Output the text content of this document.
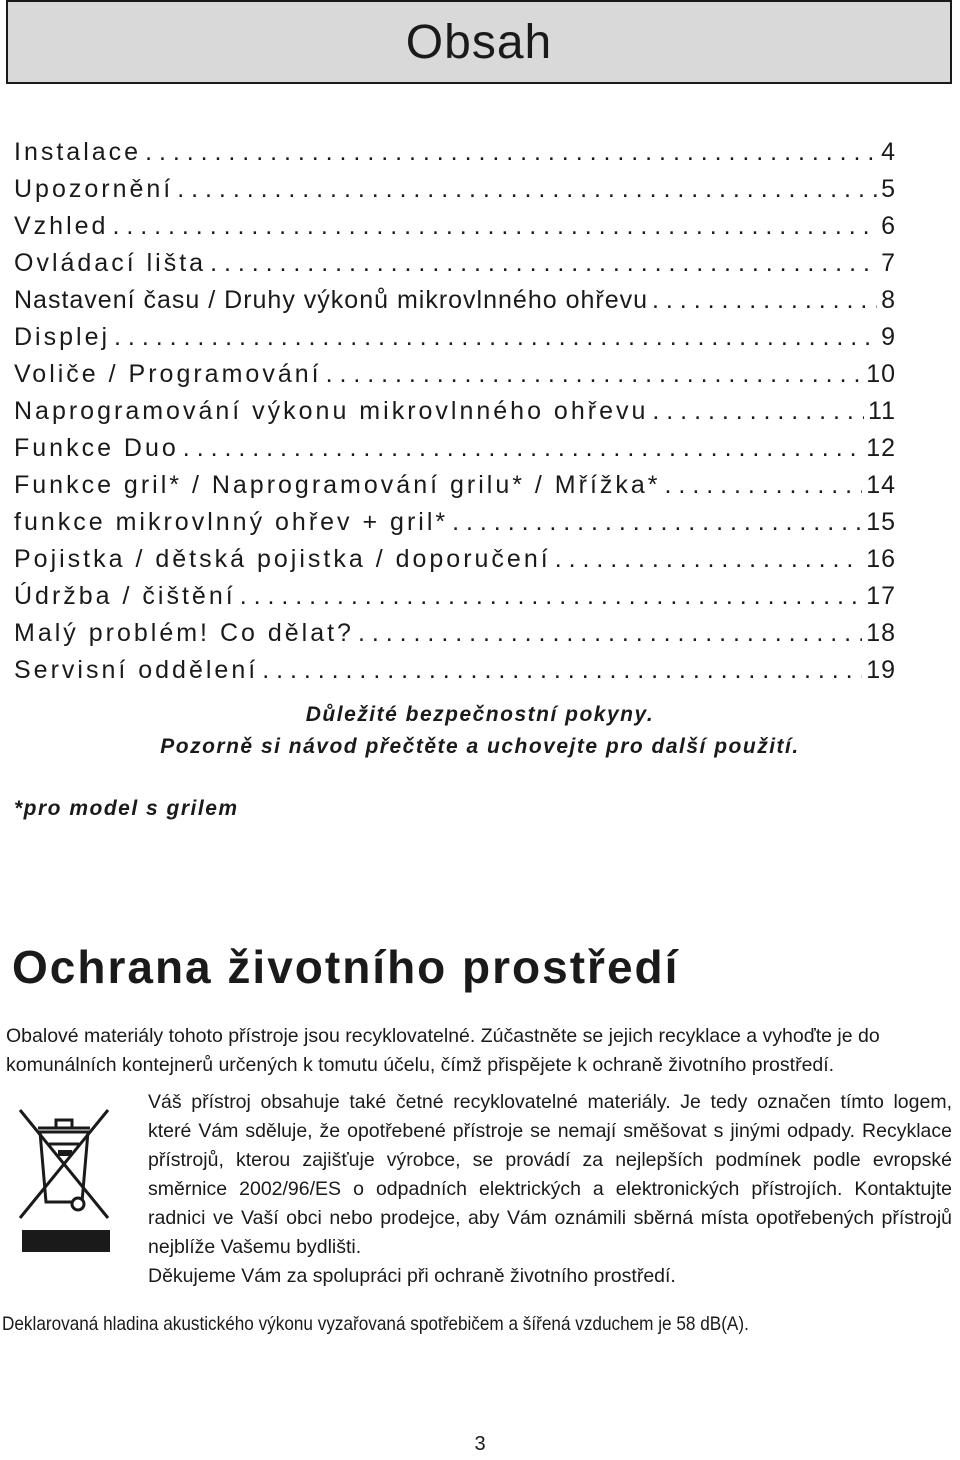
Obsah
Instalace . . .	4
Upozornění . . .	5
Vzhled . . .	6
Ovládací lišta . . .	7
Nastavení času / Druhy výkonů mikrovlnného ohřevu . . .	8
Displej . . .	9
Voliče / Programování . . .	10
Naprogramování výkonu mikrovlnného ohřevu . . .	11
Funkce Duo . . .	12
Funkce gril* / Naprogramování grilu* / Mřížka* . . .	14
funkce mikrovlnný ohřev + gril* . . .	15
Pojistka / dětská pojistka / doporučení . . .	16
Údržba / čištění . . .	17
Malý problém! Co dělat? . . .	18
Servisní oddělení . . .	19
Důležité bezpečnostní pokyny.
Pozorně si návod přečtěte a uchovejte pro další použití.
*pro model s grilem
Ochrana životního prostředí
Obalové materiály tohoto přístroje jsou recyklovatelné. Zúčastněte se jejich recyklace a vyhoďte je do komunálních kontejnerů určených k tomutu účelu, čímž přispějete k ochraně životního prostředí.
Váš přístroj obsahuje také četné recyklovatelné materiály. Je tedy označen tímto logem, které Vám sděluje, že opotřebené přístroje se nemají směšovat s jinými odpady. Recyklace přístrojů, kterou zajišťuje výrobce, se provádí za nejlepších podmínek podle evropské směrnice 2002/96/ES o odpadních elektrických a elektronických přístrojích. Kontaktujte radnici ve Vaší obci nebo prodejce, aby Vám oznámili sběrná místa opotřebených přístrojů nejblíže Vašemu bydlišti.
Děkujeme Vám za spolupráci při ochraně životního prostředí.
Deklarovaná hladina akustického výkonu vyzařovaná spotřebičem a šířená vzduchem je 58 dB(A).
3
